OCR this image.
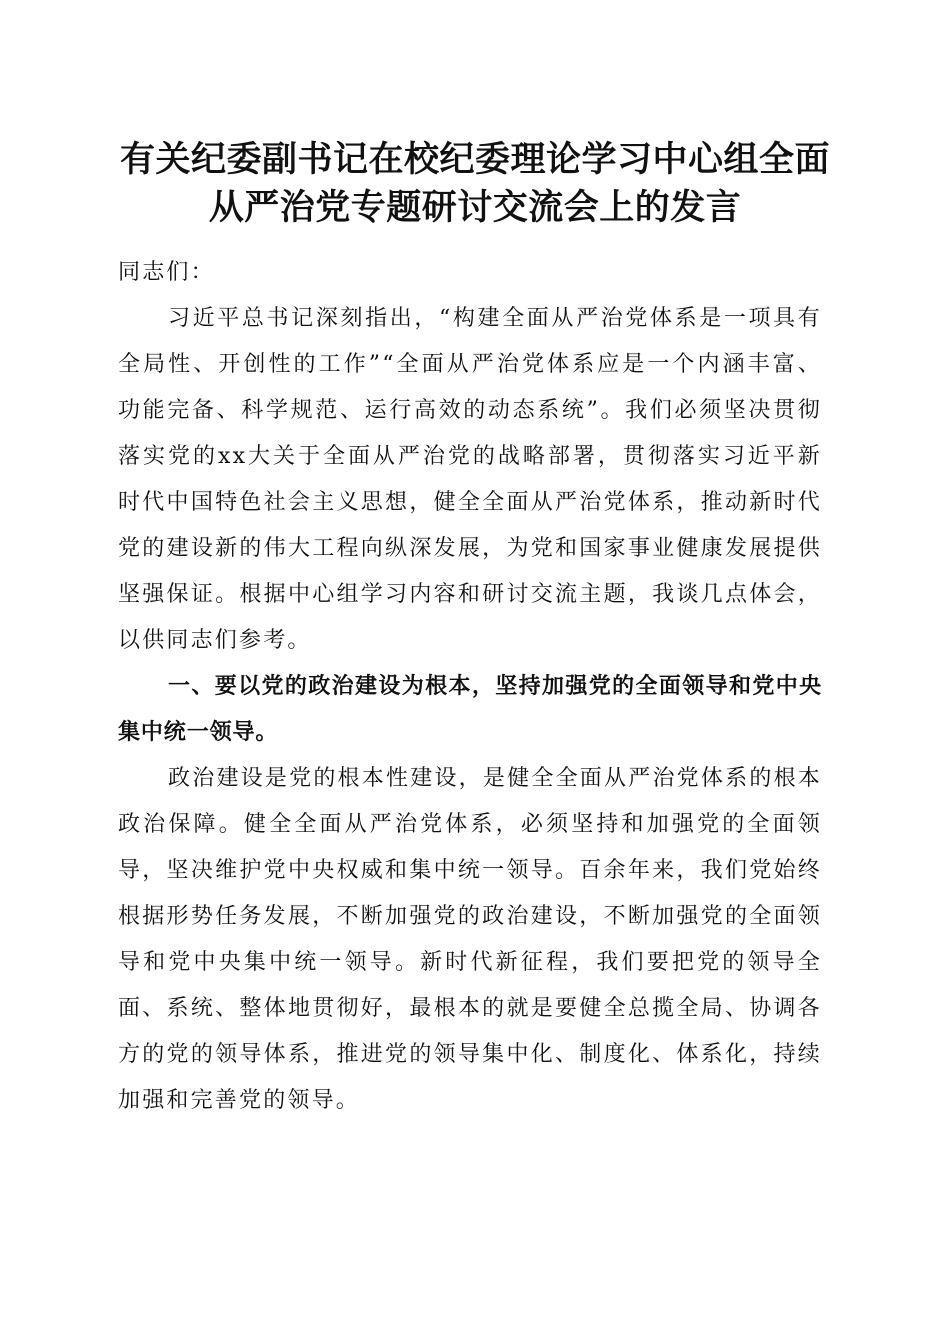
有关纪委副书记在校纪委理论学习中心组全面
从严治党专题研讨交流会上的发言

同志们：

习近平总书记深刻指出，“构建全面从严治党体系是一项具有全局性、开创性的工作”“全面从严治党体系应是一个内涵丰富、功能完备、科学规范、运行高效的动态系统”。我们必须坚决贯彻落实党的xx大关于全面从严治党的战略部署，贯彻落实习近平新时代中国特色社会主义思想，健全全面从严治党体系，推动新时代党的建设新的伟大工程向纵深发展，为党和国家事业健康发展提供坚强保证。根据中心组学习内容和研讨交流主题，我谈几点体会，以供同志们参考。

一、要以党的政治建设为根本，坚持加强党的全面领导和党中央集中统一领导。

政治建设是党的根本性建设，是健全全面从严治党体系的根本政治保障。健全全面从严治党体系，必须坚持和加强党的全面领导，坚决维护党中央权威和集中统一领导。百余年来，我们党始终根据形势任务发展，不断加强党的政治建设，不断加强党的全面领导和党中央集中统一领导。新时代新征程，我们要把党的领导全面、系统、整体地贯彻好，最根本的就是要健全总揽全局、协调各方的党的领导体系，推进党的领导集中化、制度化、体系化，持续加强和完善党的领导。
